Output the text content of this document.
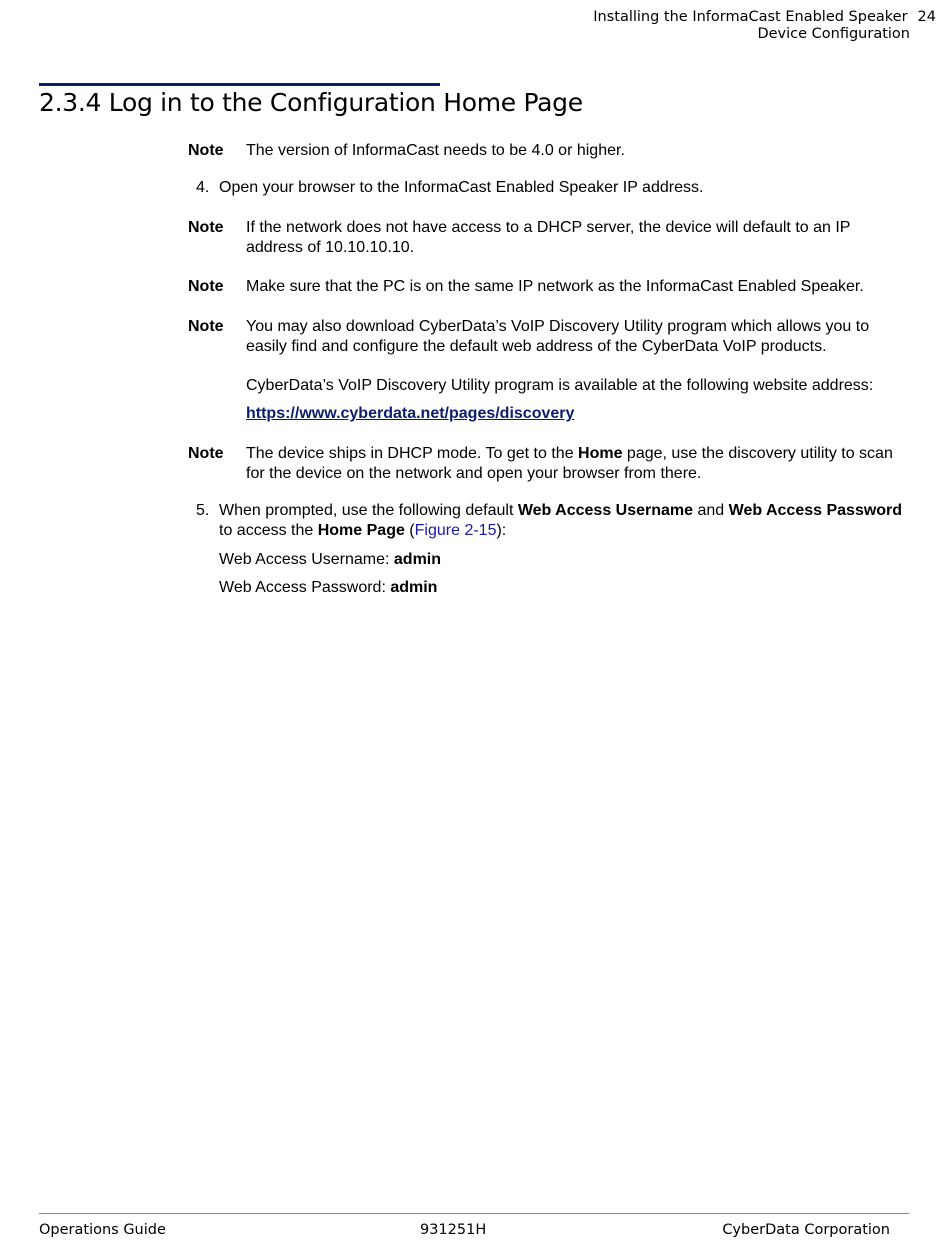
Installing the InformaCast Enabled Speaker 24
Device Configuration
2.3.4 Log in to the Configuration Home Page
Note The version of InformaCast needs to be 4.0 or higher.

4. Open your browser to the InformaCast Enabled Speaker IP address.

Note If the network does not have access to a DHCP server, the device will default to an IP address of 10.10.10.10.

Note Make sure that the PC is on the same IP network as the InformaCast Enabled Speaker.

Note You may also download CyberData’s VoIP Discovery Utility program which allows you to easily find and configure the default web address of the CyberData VoIP products.

CyberData’s VoIP Discovery Utility program is available at the following website address:

https://www.cyberdata.net/pages/discovery

Note The device ships in DHCP mode. To get to the Home page, use the discovery utility to scan for the device on the network and open your browser from there.

5. When prompted, use the following default Web Access Username and Web Access Password to access the Home Page (Figure 2-15):

Web Access Username: admin

Web Access Password: admin

Operations Guide	931251H	CyberData Corporation
